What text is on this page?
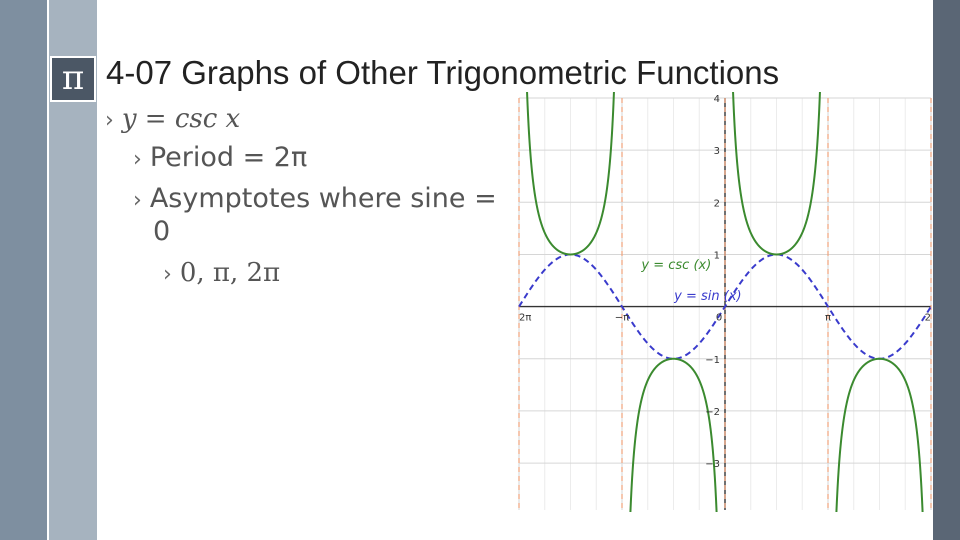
π 4-07 Graphs of Other Trigonometric Functions
› y = csc x
› Period = 2π
› Asymptotes where sine =
0
› 0, π, 2π
4
3
2
1
−1
−2
−3
2π	−π	0	π	2
y = csc (x)
y = sin (x)
